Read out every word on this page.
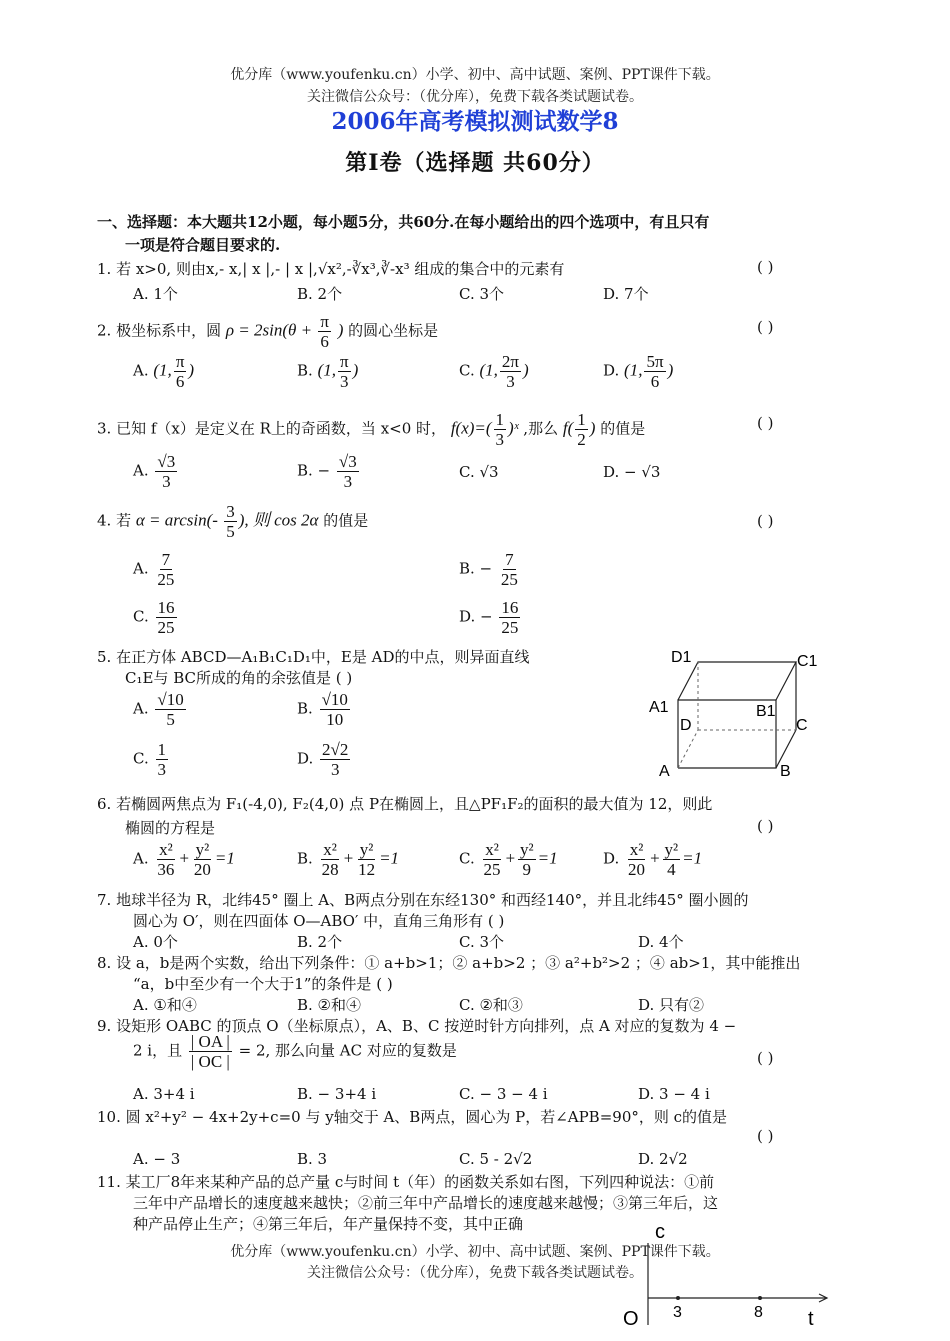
优分库（www.youfenku.cn）小学、初中、高中试题、案例、PPT课件下载。
关注微信公众号：（优分库），免费下载各类试题试卷。
2006年高考模拟测试数学8
第Ⅰ卷（选择题 共60分）
一、选择题：本大题共12小题，每小题5分，共60分.在每小题给出的四个选项中，有且只有
一项是符合题目要求的.
1. 若 x>0, 则由x,- x,| x |,- | x |,√x²,-∛x³,∛-x³ 组成的集合中的元素有	( )
A. 1个	B. 2个	C. 3个	D. 7个
2. 极坐标系中，圆 $\rho = 2\sin(\theta + \frac{\pi}{6}$ ) 的圆心坐标是	( )
A. (1, $\frac{\pi}{6}$ )	B. (1, $\frac{\pi}{3}$ )	C. (1, $\frac{2\pi}{3}$ )	D. (1, $\frac{5\pi}{6}$ )
3. 已知 f（x）是定义在 R上的奇函数，当 x<0 时， $f(x)=( \frac{1}{3}$ )ˣ ,那么 $f( \frac{1}{2}$ ) 的值是	( )
A. $\frac{√3}{3}$	B. − $\frac{√3}{3}$	C. √3	D. − √3
4. 若 $\alpha = \arcsin(- \frac{3}{5}$ ), 则 cos 2α 的值是	( )
A. $\frac{7}{25}$	B. − $\frac{7}{25}$
C. $\frac{16}{25}$	D. − $\frac{16}{25}$
5. 在正方体 ABCD—A₁B₁C₁D₁中，E是 AD的中点，则异面直线
C₁E与 BC所成的角的余弦值是 ( )
A. $\frac{√10}{5}$	B. $\frac{√10}{10}$
C. $\frac{1}{3}$	D. $\frac{2√2}{3}$
D1	C1
A1	B1
D	C
A	B
6. 若椭圆两焦点为 F₁(-4,0), F₂(4,0) 点 P在椭圆上，且△PF₁F₂的面积的最大值为 12，则此
椭圆的方程是	( )
A. $\frac{\text{x²}}{36} + \frac{\text{y²}}{20} =1$	B. $\frac{\text{x²}}{28} + \frac{\text{y²}}{12} =1$	C. $\frac{\text{x²}}{25} + \frac{\text{y²}}{9} =1$	D. $\frac{\text{x²}}{20} + \frac{\text{y²}}{4} =1$
7. 地球半径为 R，北纬45° 圈上 A、B两点分别在东经130° 和西经140°，并且北纬45° 圈小圆的
圆心为 O′，则在四面体 O—ABO′ 中，直角三角形有 ( )
A. 0个	B. 2个	C. 3个	D. 4个
8. 设 a，b是两个实数，给出下列条件：① a+b>1；② a+b>2 ；③ a²+b²>2 ；④ ab>1，其中能推出
“a，b中至少有一个大于1”的条件是 ( )
A. ①和④	B. ②和④	C. ②和③	D. 只有②
9. 设矩形 OABC 的顶点 O（坐标原点），A、B、C 按逆时针方向排列，点 A 对应的复数为 4 −
2 i，且 $\frac{| OA |}{| OC |} = 2$, 那么向量 AC 对应的复数是	( )
A. 3+4 i	B. − 3+4 i	C. − 3 − 4 i	D. 3 − 4 i
10. 圆 x²+y² − 4x+2y+c=0 与 y轴交于 A、B两点，圆心为 P，若∠APB=90°，则 c的值是
( )
A. − 3	B. 3	C. 5 - 2√2	D. 2√2
11. 某工厂8年来某种产品的总产量 c与时间 t（年）的函数关系如右图，下列四种说法：①前
三年中产品增长的速度越来越快；②前三年中产品增长的速度越来越慢；③第三年后，这
种产品停止生产；④第三年后，年产量保持不变，其中正确
优分库（www.youfenku.cn）小学、初中、高中试题、案例、PPT课件下载。
关注微信公众号：（优分库），免费下载各类试题试卷。
c
O 3	8 t
